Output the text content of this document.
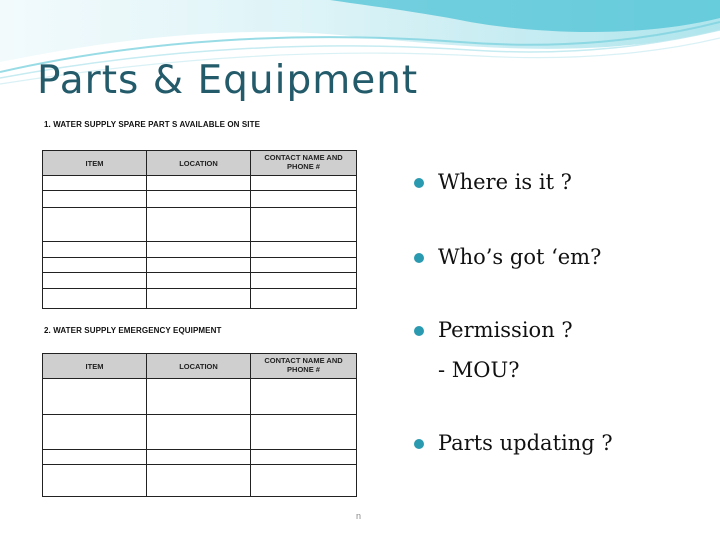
Parts & Equipment
1. WATER SUPPLY SPARE PART S AVAILABLE ON SITE
ITEM	LOCATION	CONTACT NAME AND PHONE #

2. WATER SUPPLY EMERGENCY EQUIPMENT
ITEM	LOCATION	CONTACT NAME AND PHONE #

n
Where is it ?
Who’s got ‘em?
Permission ?
Parts updating ?
- MOU?
